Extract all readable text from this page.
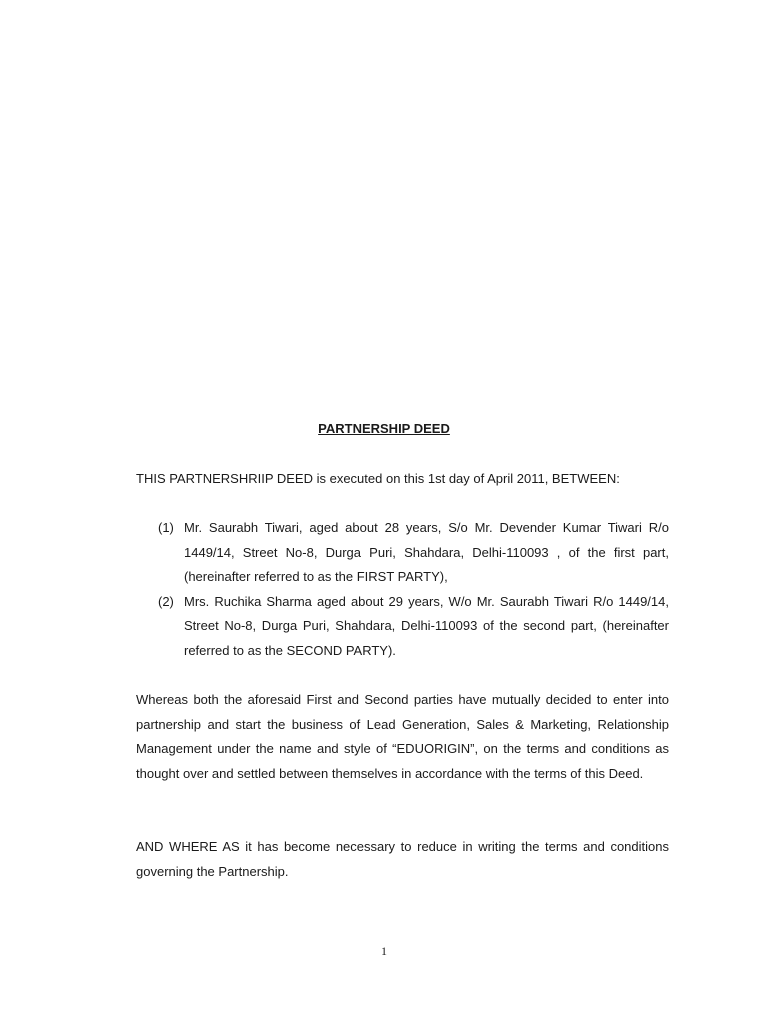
PARTNERSHIP DEED

THIS PARTNERSHRIIP DEED is executed on this 1st day of April 2011, BETWEEN:

(1) Mr. Saurabh Tiwari, aged about 28 years, S/o Mr. Devender Kumar Tiwari R/o 1449/14, Street No-8, Durga Puri, Shahdara, Delhi-110093 , of the first part, (hereinafter referred to as the FIRST PARTY),
(2) Mrs. Ruchika Sharma aged about 29 years, W/o Mr. Saurabh Tiwari R/o 1449/14, Street No-8, Durga Puri, Shahdara, Delhi-110093 of the second part, (hereinafter referred to as the SECOND PARTY).

Whereas both the aforesaid First and Second parties have mutually decided to enter into partnership and start the business of Lead Generation, Sales & Marketing, Relationship Management under the name and style of “EDUORIGIN”, on the terms and conditions as thought over and settled between themselves in accordance with the terms of this Deed.

AND WHERE AS it has become necessary to reduce in writing the terms and conditions governing the Partnership.

1
